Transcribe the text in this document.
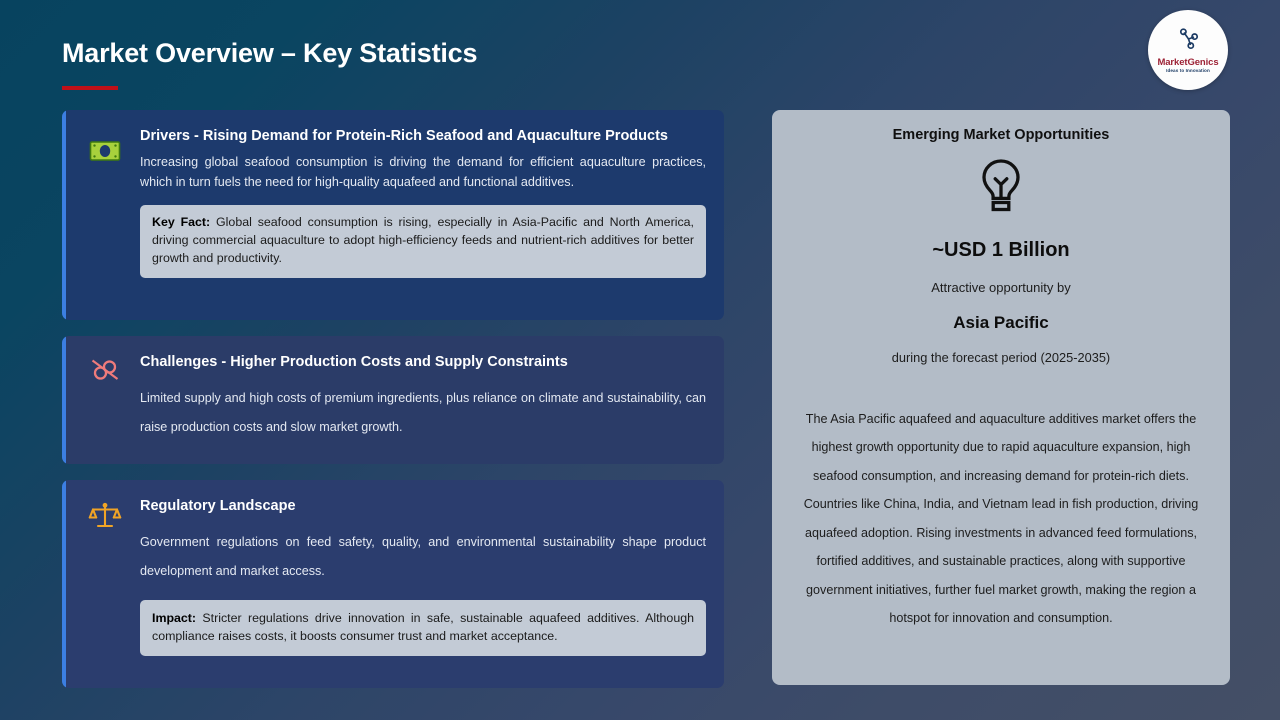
Market Overview – Key Statistics	MarketGenics
Ideas to Innovation
Drivers - Rising Demand for Protein-Rich Seafood and Aquaculture Products
Increasing global seafood consumption is driving the demand for efficient aquaculture practices, which in turn fuels the need for high-quality aquafeed and functional additives.
Key Fact: Global seafood consumption is rising, especially in Asia-Pacific and North America, driving commercial aquaculture to adopt high-efficiency feeds and nutrient-rich additives for better growth and productivity.
Challenges - Higher Production Costs and Supply Constraints
Limited supply and high costs of premium ingredients, plus reliance on climate and sustainability, can raise production costs and slow market growth.
Regulatory Landscape
Government regulations on feed safety, quality, and environmental sustainability shape product development and market access.
Impact: Stricter regulations drive innovation in safe, sustainable aquafeed additives. Although compliance raises costs, it boosts consumer trust and market acceptance.
Emerging Market Opportunities
~USD 1 Billion
Attractive opportunity by
Asia Pacific
during the forecast period (2025-2035)
The Asia Pacific aquafeed and aquaculture additives market offers the highest growth opportunity due to rapid aquaculture expansion, high seafood consumption, and increasing demand for protein-rich diets. Countries like China, India, and Vietnam lead in fish production, driving aquafeed adoption. Rising investments in advanced feed formulations, fortified additives, and sustainable practices, along with supportive government initiatives, further fuel market growth, making the region a hotspot for innovation and consumption.
